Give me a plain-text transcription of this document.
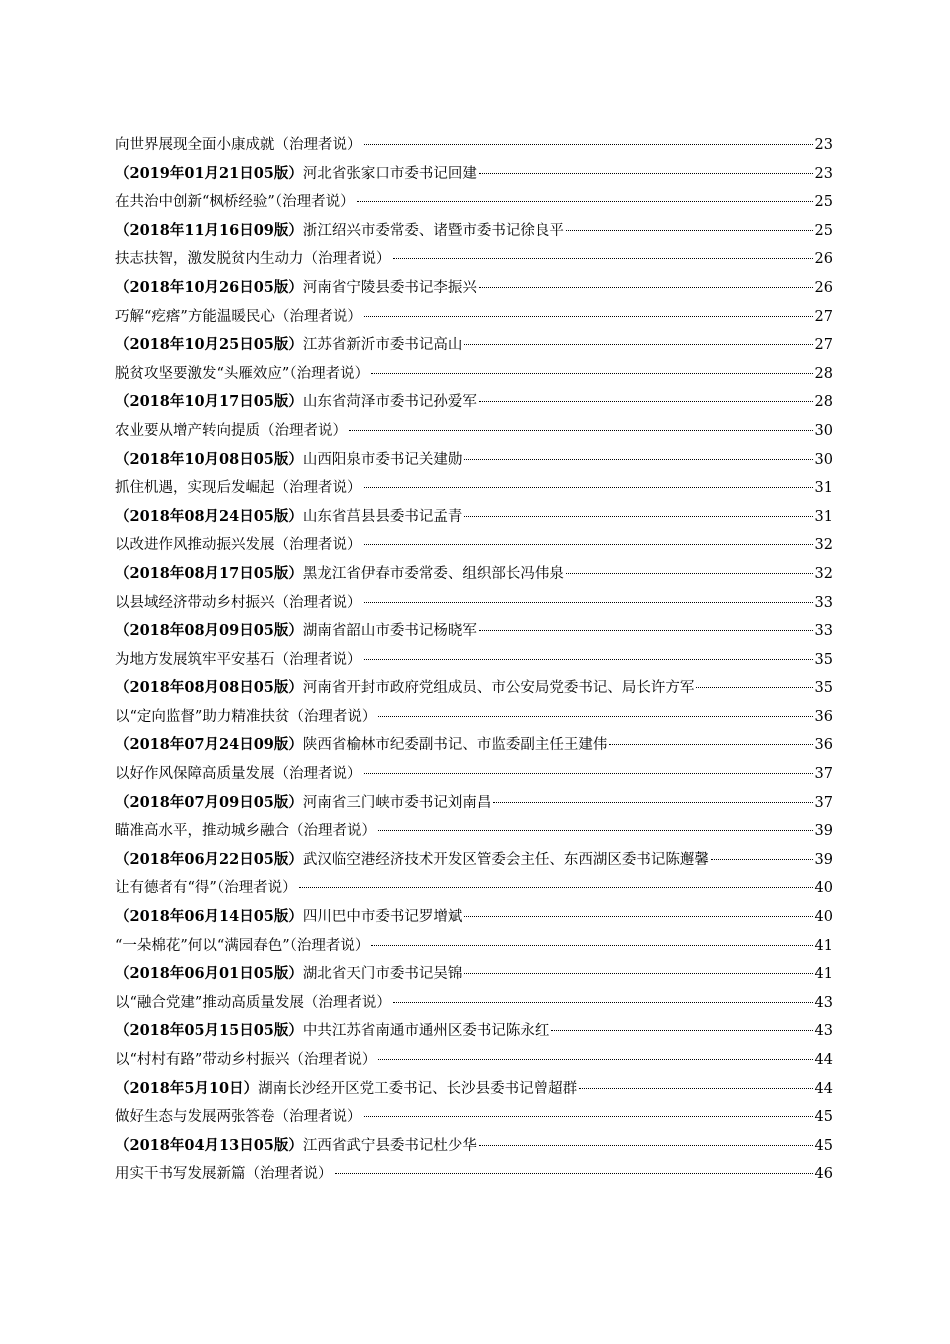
向世界展现全面小康成就（治理者说）	23
（2019年01月21日05版）河北省张家口市委书记回建	23
在共治中创新“枫桥经验”（治理者说）	25
（2018年11月16日09版）浙江绍兴市委常委、诸暨市委书记徐良平	25
扶志扶智，激发脱贫内生动力（治理者说）	26
（2018年10月26日05版）河南省宁陵县委书记李振兴	26
巧解“疙瘩”方能温暖民心（治理者说）	27
（2018年10月25日05版）江苏省新沂市委书记高山	27
脱贫攻坚要激发“头雁效应”（治理者说）	28
（2018年10月17日05版）山东省菏泽市委书记孙爱军	28
农业要从增产转向提质（治理者说）	30
（2018年10月08日05版）山西阳泉市委书记关建勋	30
抓住机遇，实现后发崛起（治理者说）	31
（2018年08月24日05版）山东省莒县县委书记孟青	31
以改进作风推动振兴发展（治理者说）	32
（2018年08月17日05版）黑龙江省伊春市委常委、组织部长冯伟泉	32
以县域经济带动乡村振兴（治理者说）	33
（2018年08月09日05版）湖南省韶山市委书记杨晓军	33
为地方发展筑牢平安基石（治理者说）	35
（2018年08月08日05版）河南省开封市政府党组成员、市公安局党委书记、局长许方军	35
以“定向监督”助力精准扶贫（治理者说）	36
（2018年07月24日09版）陕西省榆林市纪委副书记、市监委副主任王建伟	36
以好作风保障高质量发展（治理者说）	37
（2018年07月09日05版）河南省三门峡市委书记刘南昌	37
瞄准高水平，推动城乡融合（治理者说）	39
（2018年06月22日05版）武汉临空港经济技术开发区管委会主任、东西湖区委书记陈邂馨	39
让有德者有“得”（治理者说）	40
（2018年06月14日05版）四川巴中市委书记罗增斌	40
“一朵棉花”何以“满园春色”（治理者说）	41
（2018年06月01日05版）湖北省天门市委书记吴锦	41
以“融合党建”推动高质量发展（治理者说）	43
（2018年05月15日05版）中共江苏省南通市通州区委书记陈永红	43
以“村村有路”带动乡村振兴（治理者说）	44
（2018年5月10日）湖南长沙经开区党工委书记、长沙县委书记曾超群	44
做好生态与发展两张答卷（治理者说）	45
（2018年04月13日05版）江西省武宁县委书记杜少华	45
用实干书写发展新篇（治理者说）	46
